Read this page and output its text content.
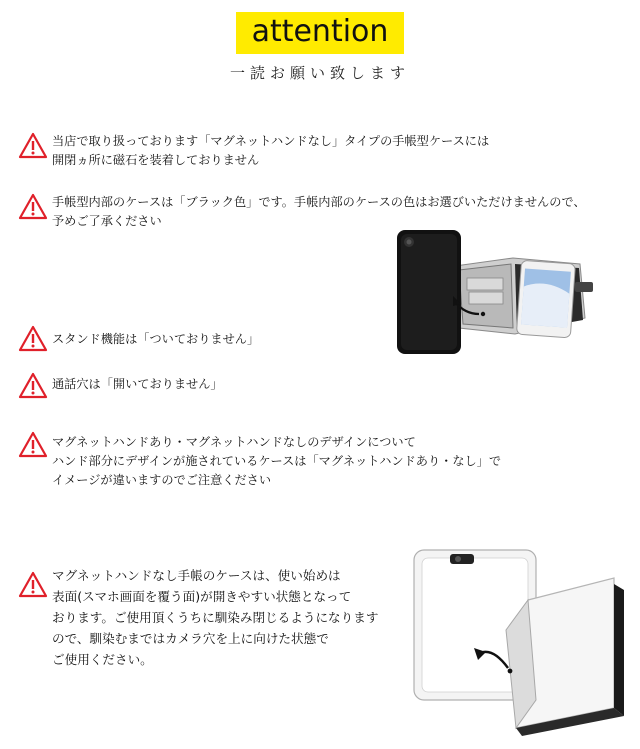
attention
一読お願い致します
当店で取り扱っております「マグネットハンドなし」タイプの手帳型ケースには
開閉ヵ所に磁石を装着しておりません
手帳型内部のケースは「ブラック色」です。手帳内部のケースの色はお選びいただけませんので、
予めご了承ください
スタンド機能は「ついておりません」
通話穴は「開いておりません」
マグネットハンドあり・マグネットハンドなしのデザインについて
ハンド部分にデザインが施されているケースは「マグネットハンドあり・なし」で
イメージが違いますのでご注意ください
マグネットハンドなし手帳のケースは、使い始めは
表面(スマホ画面を覆う面)が開きやすい状態となって
おります。ご使用頂くうちに馴染み閉じるようになります
ので、馴染むまではカメラ穴を上に向けた状態で
ご使用ください。
